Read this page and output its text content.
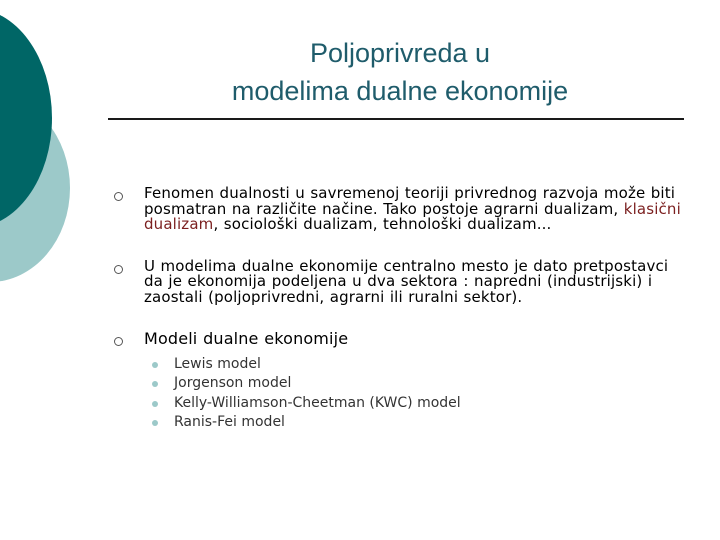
Poljoprivreda u
modelima dualne ekonomije
Fenomen dualnosti u savremenoj teoriji privrednog razvoja može biti posmatran na različite načine. Tako postoje agrarni dualizam, klasični dualizam, sociološki dualizam, tehnološki dualizam...
U modelima dualne ekonomije centralno mesto je dato pretpostavci da je ekonomija podeljena u dva sektora : napredni (industrijski) i zaostali (poljoprivredni, agrarni ili ruralni sektor).
Modeli dualne ekonomije
Lewis model
Jorgenson model
Kelly-Williamson-Cheetman (KWC) model
Ranis-Fei model
